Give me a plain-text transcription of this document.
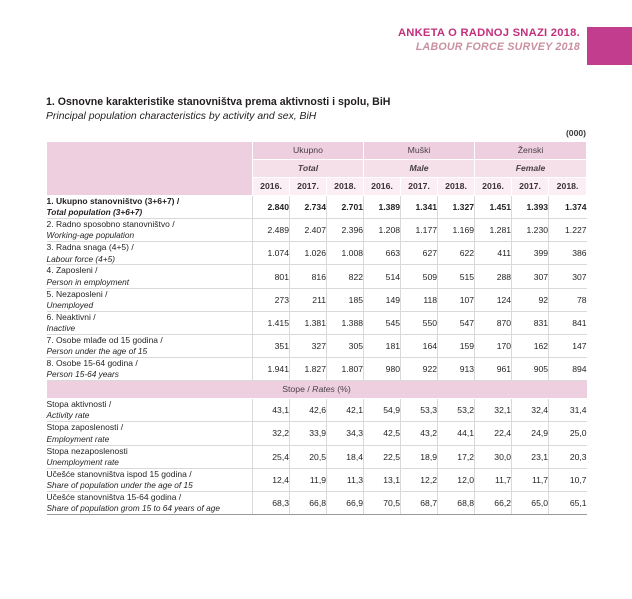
ANKETA O RADNOJ SNAZI 2018.
LABOUR FORCE SURVEY 2018
1. Osnovne karakteristike stanovništva prema aktivnosti i spolu, BiH
Principal population characteristics by activity and sex, BiH
(000)
	Ukupno			Muški			Ženski		
	Total			Male			Female		
	2016.	2017.	2018.	2016.	2017.	2018.	2016.	2017.	2018.

1. Ukupno stanovništvo (3+6+7) /
Total population (3+6+7)	2.840	2.734	2.701	1.389	1.341	1.327	1.451	1.393	1.374

2. Radno sposobno stanovništvo /
Working-age population	2.489	2.407	2.396	1.208	1.177	1.169	1.281	1.230	1.227

3. Radna snaga (4+5) /
Labour force (4+5)	1.074	1.026	1.008	663	627	622	411	399	386

4. Zaposleni /
Person in employment	801	816	822	514	509	515	288	307	307

5. Nezaposleni /
Unemployed	273	211	185	149	118	107	124	92	78

6. Neaktivni /
Inactive	1.415	1.381	1.388	545	550	547	870	831	841

7. Osobe mlađe od 15 godina /
Person under the age of 15	351	327	305	181	164	159	170	162	147

8. Osobe 15-64 godina /
Person 15-64 years	1.941	1.827	1.807	980	922	913	961	905	894
Stope / Rates (%)									

Stopa aktivnosti /
Activity rate	43,1	42,6	42,1	54,9	53,3	53,2	32,1	32,4	31,4

Stopa zaposlenosti /
Employment rate	32,2	33,9	34,3	42,5	43,2	44,1	22,4	24,9	25,0

Stopa nezaposlenosti
Unemployment rate	25,4	20,5	18,4	22,5	18,9	17,2	30,0	23,1	20,3

Učešće stanovništva ispod 15 godina /
Share of population under the age of 15	12,4	11,9	11,3	13,1	12,2	12,0	11,7	11,7	10,7

Učešće stanovništva 15-64 godina /
Share of population grom 15 to 64 years of age	68,3	66,8	66,9	70,5	68,7	68,8	66,2	65,0	65,1
